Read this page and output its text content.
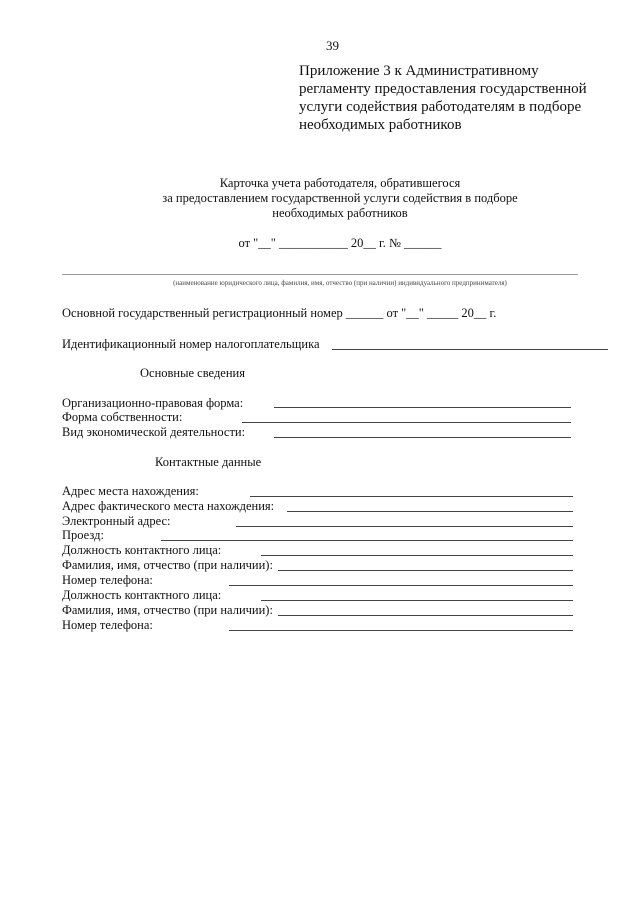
39
Приложение 3 к Административному
регламенту предоставления государственной
услуги содействия работодателям в подборе
необходимых работников
Карточка учета работодателя, обратившегося
за предоставлением государственной услуги содействия в подборе
необходимых работников
от "__" ___________ 20__ г. № ______
(наименование юридического лица, фамилия, имя, отчество (при наличии) индивидуального предпринимателя)
Основной государственный регистрационный номер ______ от "__" _____ 20__ г.
Идентификационный номер налогоплательщика
Основные сведения
Организационно-правовая форма:
Форма собственности:
Вид экономической деятельности:
Контактные данные
Адрес места нахождения:
Адрес фактического места нахождения:
Электронный адрес:
Проезд:
Должность контактного лица:
Фамилия, имя, отчество (при наличии):
Номер телефона:
Должность контактного лица:
Фамилия, имя, отчество (при наличии):
Номер телефона:
